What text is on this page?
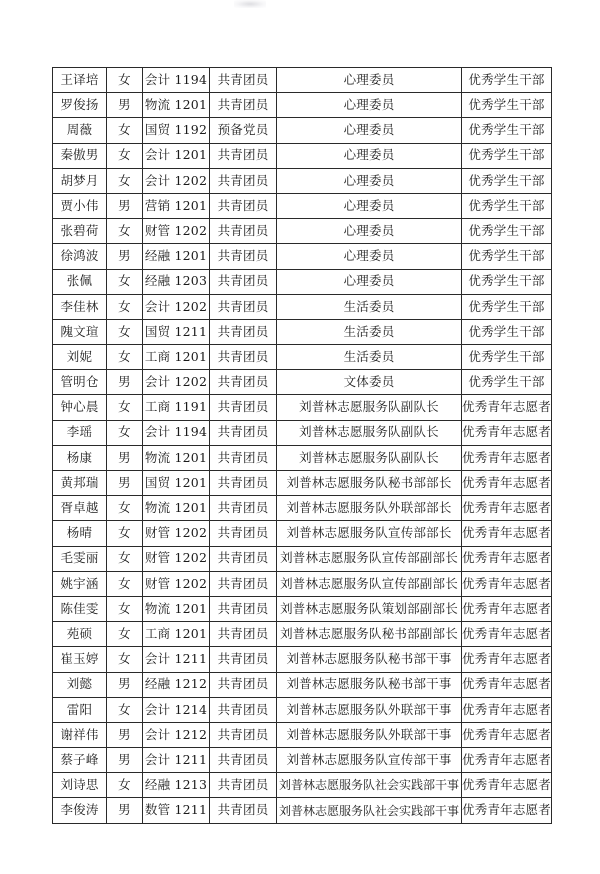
王译培	女	会计 1194	共青团员	心理委员	优秀学生干部
罗俊扬	男	物流 1201	共青团员	心理委员	优秀学生干部
周薇	女	国贸 1192	预备党员	心理委员	优秀学生干部
秦傲男	女	会计 1201	共青团员	心理委员	优秀学生干部
胡梦月	女	会计 1202	共青团员	心理委员	优秀学生干部
贾小伟	男	营销 1201	共青团员	心理委员	优秀学生干部
张碧荷	女	财管 1202	共青团员	心理委员	优秀学生干部
徐鸿波	男	经融 1201	共青团员	心理委员	优秀学生干部
张佩	女	经融 1203	共青团员	心理委员	优秀学生干部
李佳林	女	会计 1202	共青团员	生活委员	优秀学生干部
隗文瑄	女	国贸 1211	共青团员	生活委员	优秀学生干部
刘妮	女	工商 1201	共青团员	生活委员	优秀学生干部
管明仓	男	会计 1202	共青团员	文体委员	优秀学生干部
钟心晨	女	工商 1191	共青团员	刘普林志愿服务队副队长	优秀青年志愿者
李瑶	女	会计 1194	共青团员	刘普林志愿服务队副队长	优秀青年志愿者
杨康	男	物流 1201	共青团员	刘普林志愿服务队副队长	优秀青年志愿者
黄邦瑞	男	国贸 1201	共青团员	刘普林志愿服务队秘书部部长	优秀青年志愿者
胥卓越	女	物流 1201	共青团员	刘普林志愿服务队外联部部长	优秀青年志愿者
杨晴	女	财管 1202	共青团员	刘普林志愿服务队宣传部部长	优秀青年志愿者
毛雯丽	女	财管 1202	共青团员	刘普林志愿服务队宣传部副部长	优秀青年志愿者
姚宇涵	女	财管 1202	共青团员	刘普林志愿服务队宣传部副部长	优秀青年志愿者
陈佳雯	女	物流 1201	共青团员	刘普林志愿服务队策划部副部长	优秀青年志愿者
苑硕	女	工商 1201	共青团员	刘普林志愿服务队秘书部副部长	优秀青年志愿者
崔玉婷	女	会计 1211	共青团员	刘普林志愿服务队秘书部干事	优秀青年志愿者
刘懿	男	经融 1212	共青团员	刘普林志愿服务队秘书部干事	优秀青年志愿者
雷阳	女	会计 1214	共青团员	刘普林志愿服务队外联部干事	优秀青年志愿者
谢祥伟	男	会计 1212	共青团员	刘普林志愿服务队外联部干事	优秀青年志愿者
蔡子峰	男	会计 1211	共青团员	刘普林志愿服务队宣传部干事	优秀青年志愿者
刘诗思	女	经融 1213	共青团员	刘普林志愿服务队社会实践部干事	优秀青年志愿者
李俊涛	男	数管 1211	共青团员	刘普林志愿服务队社会实践部干事	优秀青年志愿者
